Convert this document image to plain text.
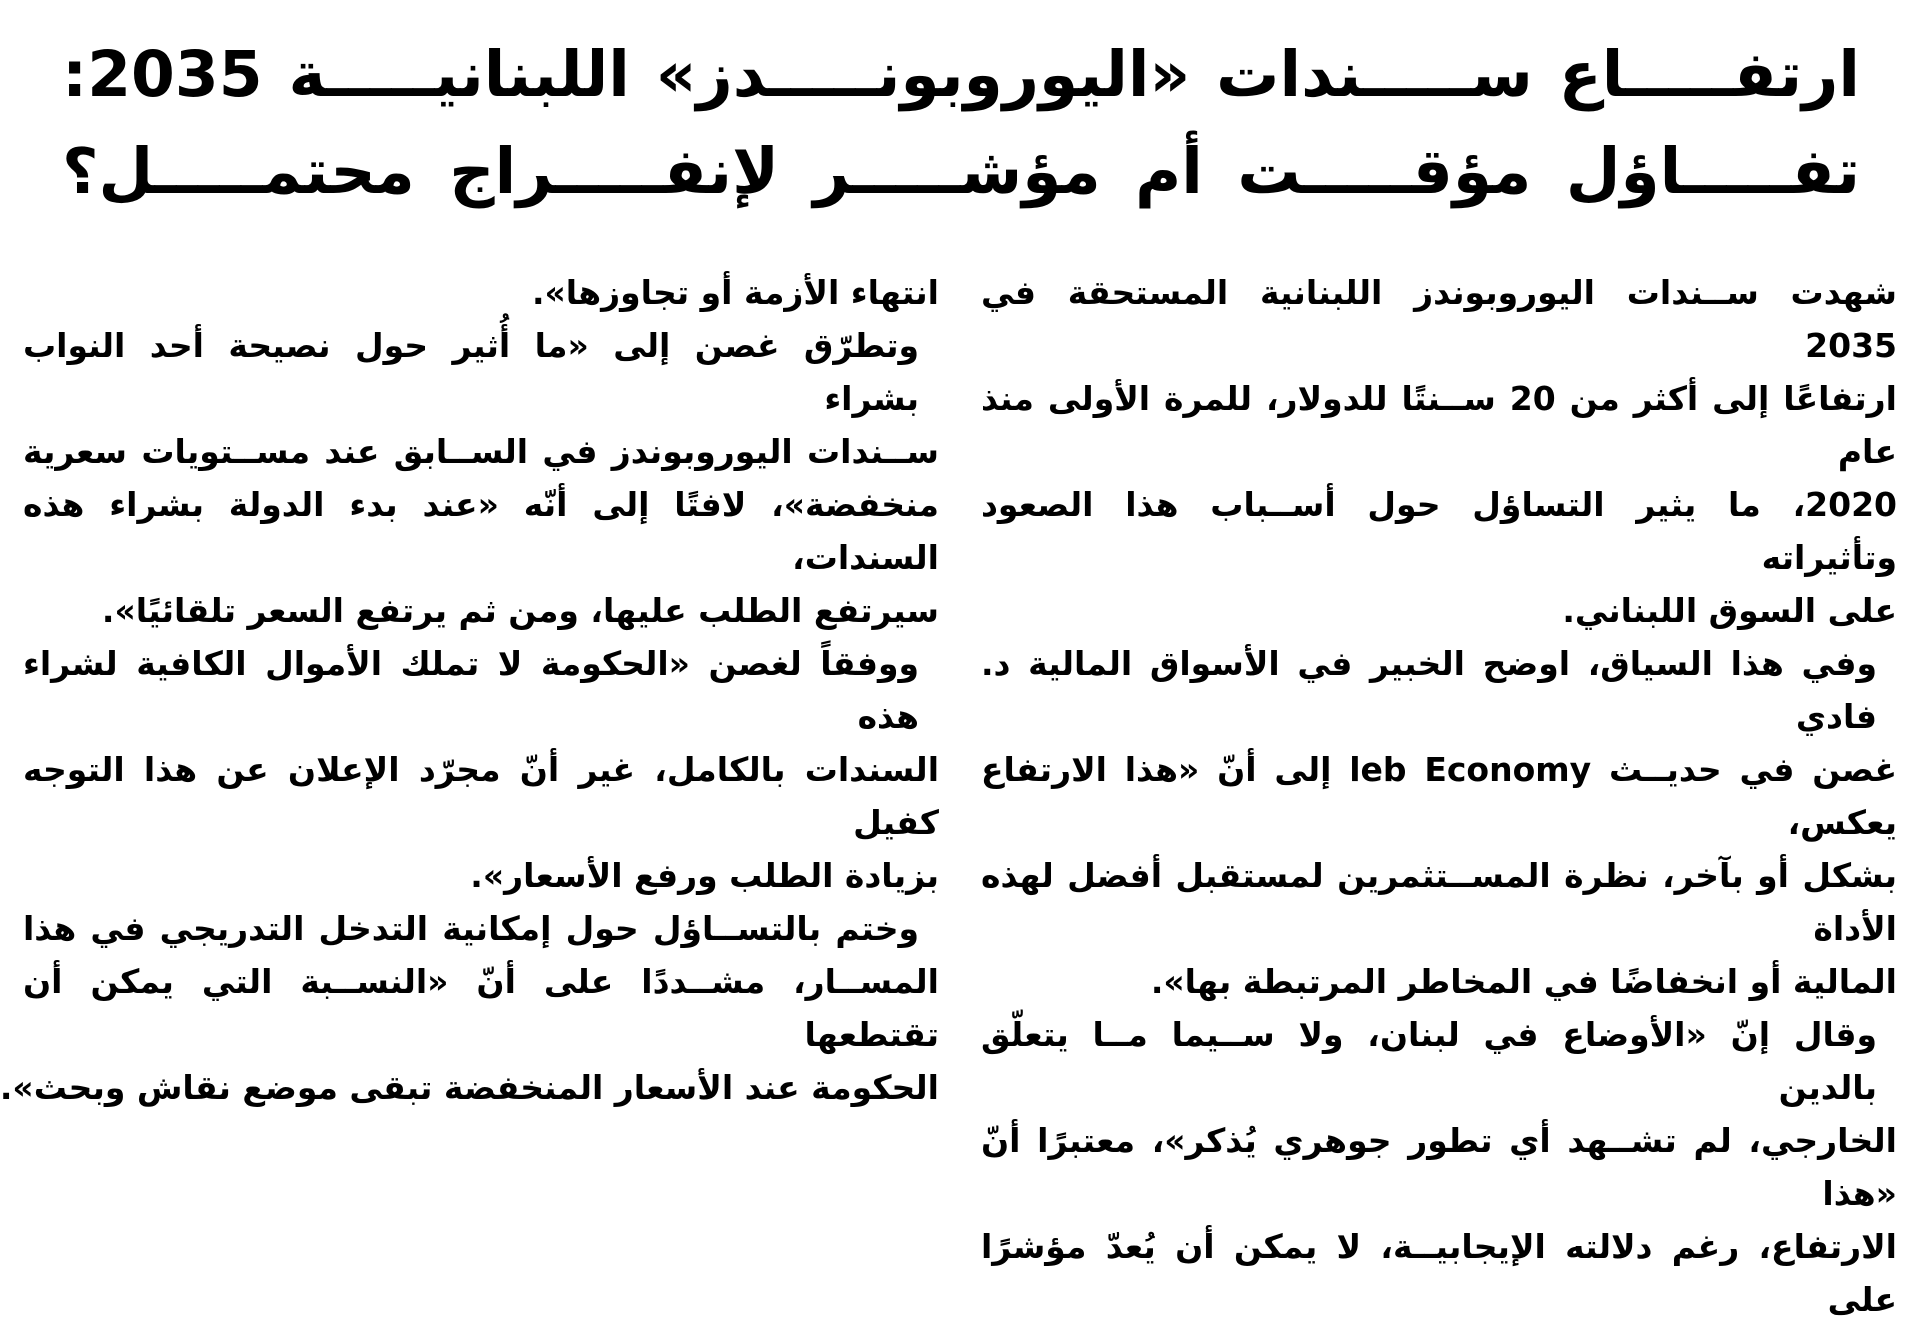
ارتفـــــاع ســـــندات «اليوروبونـــــدز» اللبنانيـــــة 2035:
تفـــــاؤل مؤقـــــت أم مؤشـــــر لإنفـــــراج محتمـــــل؟
شهدت ســندات اليوروبوندز اللبنانية المستحقة في 2035
ارتفاعًا إلى أكثر من 20 ســنتًا للدولار، للمرة الأولى منذ عام
2020، ما يثير التساؤل حول أســباب هذا الصعود وتأثيراته
على السوق اللبناني.
وفي هذا السياق، اوضح الخبير في الأسواق المالية د. فادي
غصن في حديــث leb Economy إلى أنّ «هذا الارتفاع يعكس،
بشكل أو بآخر، نظرة المســتثمرين لمستقبل أفضل لهذه الأداة
المالية أو انخفاضًا في المخاطر المرتبطة بها».
وقال إنّ «الأوضاع في لبنان، ولا ســيما مــا يتعلّق بالدين
الخارجي، لم تشــهد أي تطور جوهري يُذكر»، معتبرًا أنّ «هذا
الارتفاع، رغم دلالته الإيجابيــة، لا يمكن أن يُعدّ مؤشرًا على
انتهاء الأزمة أو تجاوزها».
وتطرّق غصن إلى «ما أُثير حول نصيحة أحد النواب بشراء
ســندات اليوروبوندز في الســابق عند مســتويات سعرية
منخفضة»، لافتًا إلى أنّه «عند بدء الدولة بشراء هذه السندات،
سيرتفع الطلب عليها، ومن ثم يرتفع السعر تلقائيًا».
ووفقاً لغصن «الحكومة لا تملك الأموال الكافية لشراء هذه
السندات بالكامل، غير أنّ مجرّد الإعلان عن هذا التوجه كفيل
بزيادة الطلب ورفع الأسعار».
وختم بالتســاؤل حول إمكانية التدخل التدريجي في هذا
المســار، مشــددًا على أنّ «النســبة التي يمكن أن تقتطعها
الحكومة عند الأسعار المنخفضة تبقى موضع نقاش وبحث».
